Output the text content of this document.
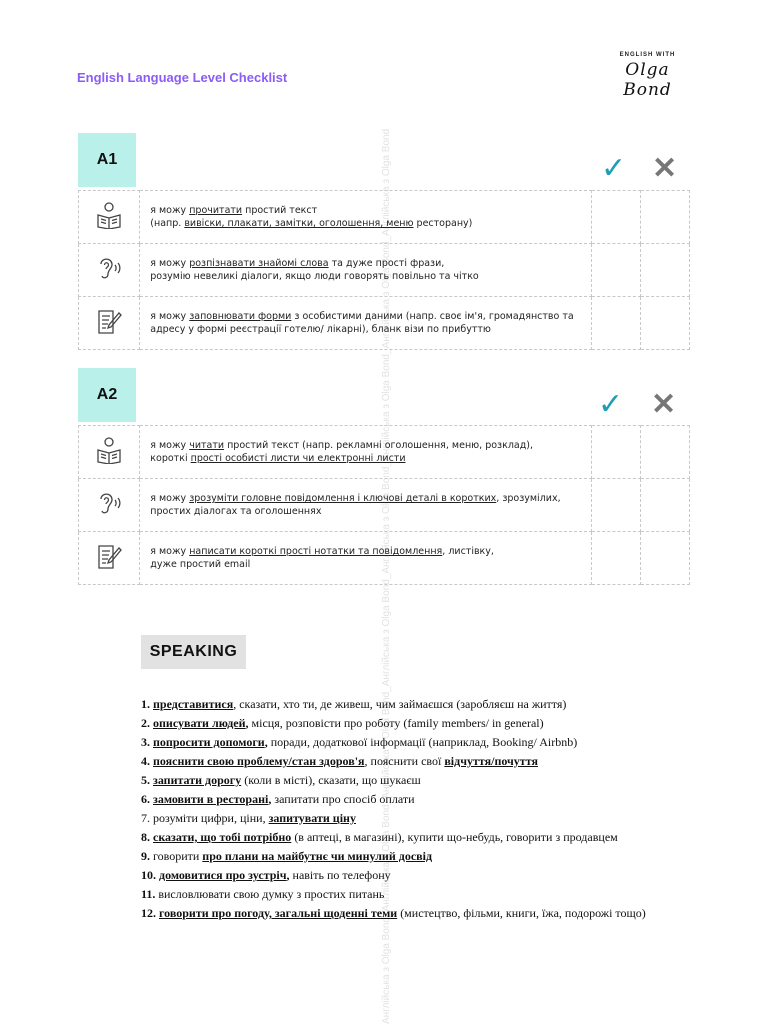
English Language Level Checklist
ENGLISH WITH
Olga Bond
Англійська з Olga Bond_Англійська з Olga Bond_Англійська з Olga Bond_Англійська з Olga Bond_Англійська з Olga Bond_Англійська з Olga Bond_Англійська з Olga Bond_Англійська з Olga Bond
A1	✓ ✕

я можу прочитати простий текст
(напр. вивіски, плакати, замітки, оголошення, меню ресторану)		

я можу розпізнавати знайомі слова та дуже прості фрази,
розумію невеликі діалоги, якщо люди говорять повільно та чітко		

я можу заповнювати форми з особистими даними (напр. своє ім'я, громадянство та
адресу у формі реєстрації готелю/ лікарні), бланк візи по прибуттю		

A2	✓ ✕

я можу читати простий текст (напр. рекламні оголошення, меню, розклад),
короткі прості особисті листи чи електронні листи		

я можу зрозуміти головне повідомлення і ключові деталі в коротких, зрозумілих,
простих діалогах та оголошеннях		

я можу написати короткі прості нотатки та повідомлення, листівку,
дуже простий email		

SPEAKING
1. представитися, сказати, хто ти, де живеш, чим займаєшся (заробляєш на життя)
2. описувати людей, місця, розповісти про роботу (family members/ in general)
3. попросити допомоги, поради, додаткової інформації (наприклад, Booking/ Airbnb)
4. пояснити свою проблему/стан здоров'я, пояснити свої відчуття/почуття
5. запитати дорогу (коли в місті), сказати, що шукаєш
6. замовити в ресторані, запитати про спосіб оплати
7. розуміти цифри, ціни, запитувати ціну
8. сказати, що тобі потрібно (в аптеці, в магазині), купити що-небудь, говорити з продавцем
9. говорити про плани на майбутнє чи минулий досвід
10. домовитися про зустріч, навіть по телефону
11. висловлювати свою думку з простих питань
12. говорити про погоду, загальні щоденні теми (мистецтво, фільми, книги, їжа, подорожі тощо)
